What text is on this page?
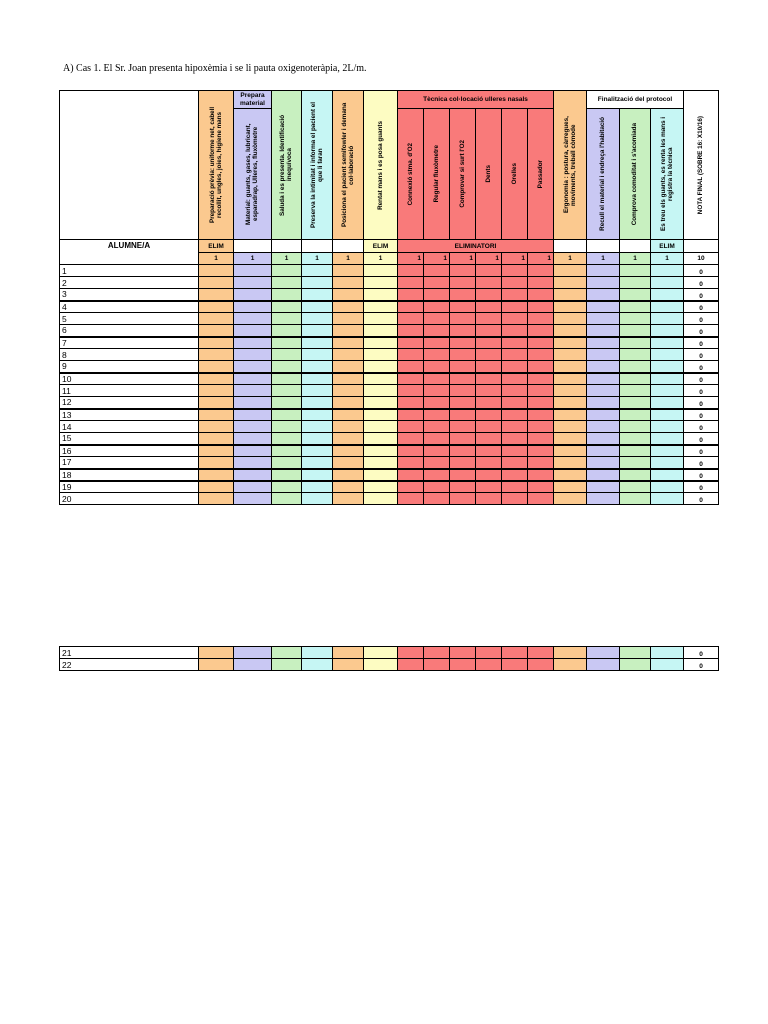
A) Cas 1. El Sr. Joan presenta hipoxèmia i se li pauta oxigenoteràpia, 2L/m.

	Preparació prèvia: uniforme net, cabell recollit, ungles, joies, higiene mans	Prepara material	Saluda i es presenta. Identificació inequívoca	Preserva la intimitat i informa el pacient el que li faran	Posiciona el pacient semifowler i demana col·laboració	Rentat mans i es posa guants	Tècnica col·locació ulleres nasals						Ergonomia : postura, càrregues, moviments, treball còmode	Finalització del protocol			NOTA FINAL (SOBRE 16: X10/16)

		Material: guants, gases, lubricant, esparadrap, Ulleres, fluxòmetre					Connexió stma. d'O2	Regular fluxòmetre	Comprovar si surt l'O2	Dents	Orelles	Passador		Recull el material i endreça l'habitació	Comprova comoditat i s'acomiada	Es treu els guants, es renta les mans i registra la tècnica	

ALUMNE/A	ELIM					ELIM	ELIMINATORI									ELIM	
	1	1	1	1	1	1	1	1	1	1	1	1	1	1	1	1	10
1																	0
2																	0
3																	0
4																	0
5																	0
6																	0
7																	0
8																	0
9																	0
10																	0
11																	0
12																	0
13																	0
14																	0
15																	0
16																	0
17																	0
18																	0
19																	0
20																	0
21																	0
22																	0
